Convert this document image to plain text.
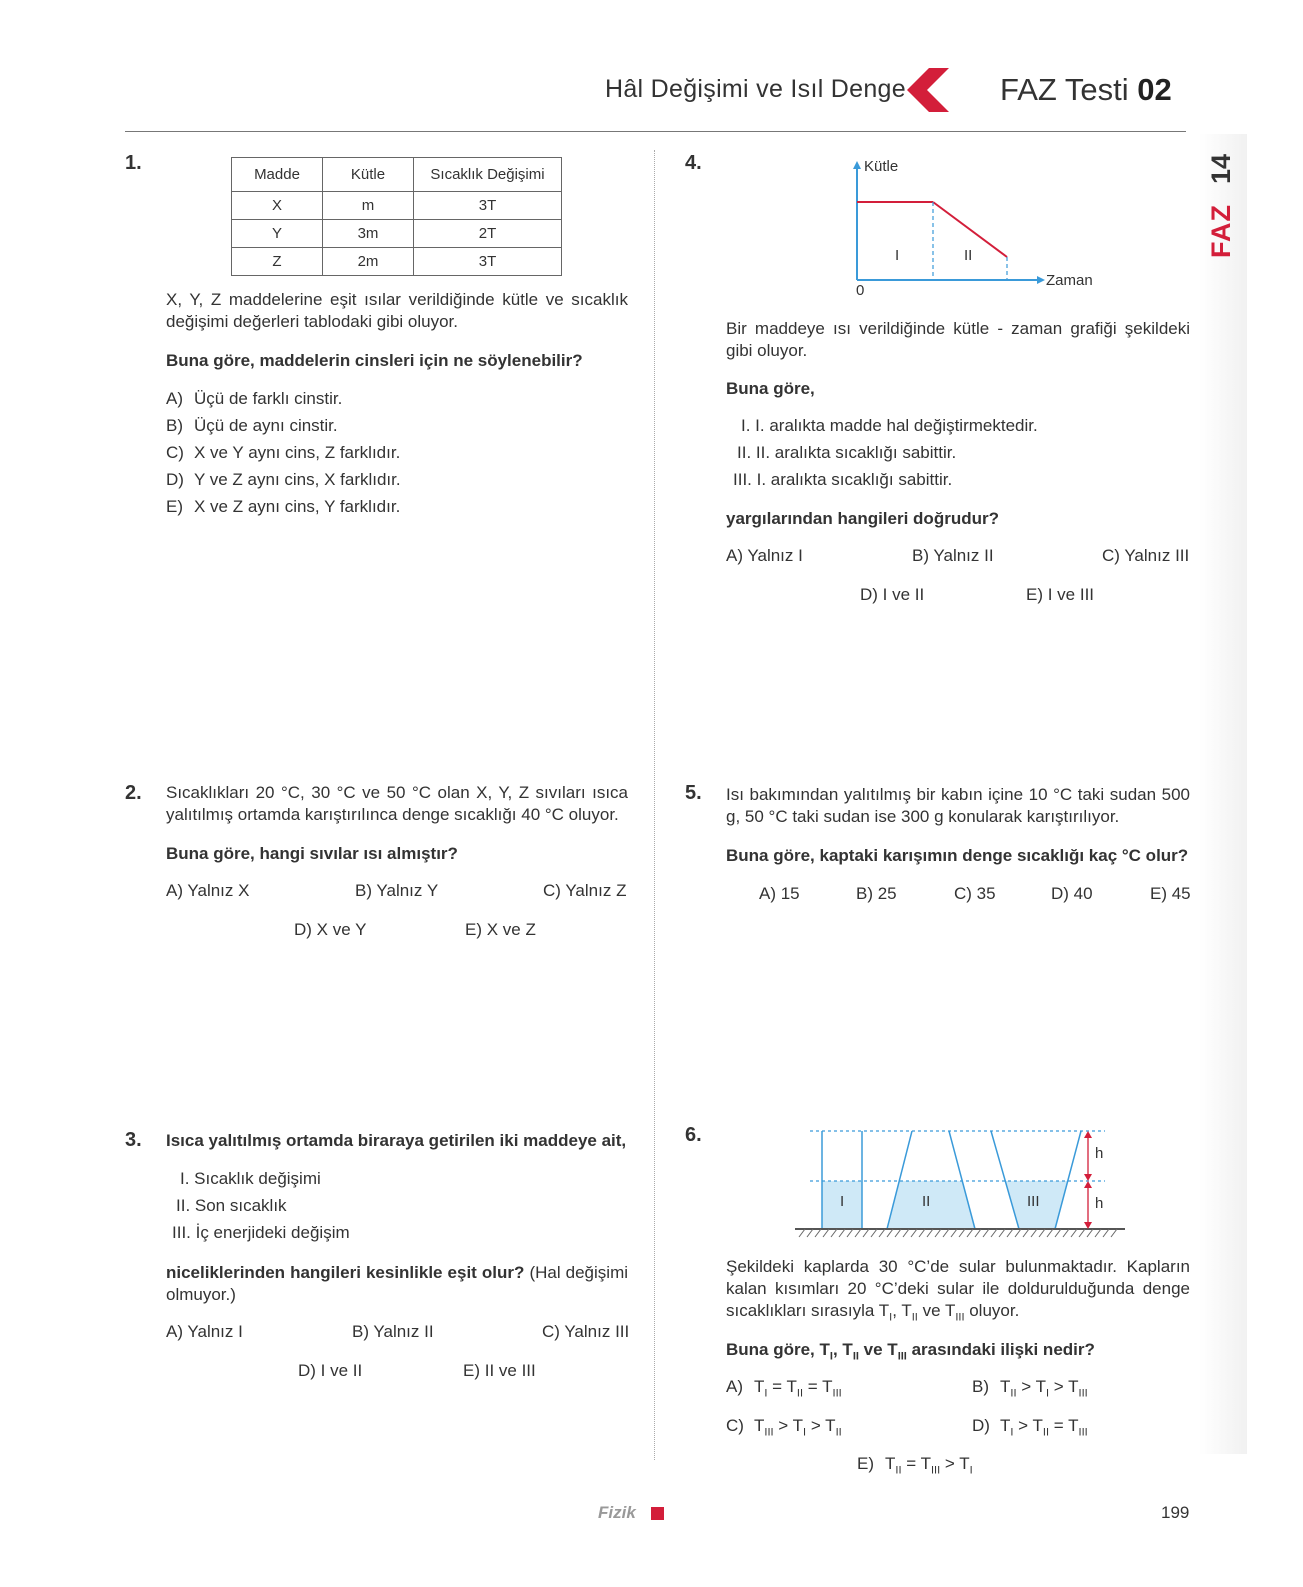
Hâl Değişimi ve Isıl Denge	FAZ Testi 02
14
FAZ
1.
Madde	Kütle	Sıcaklık Değişimi
X	m	3T
Y	3m	2T
Z	2m	3T
X, Y, Z maddelerine eşit ısılar verildiğinde kütle ve sıcaklık değişimi değerleri tablodaki gibi oluyor.
Buna göre, maddelerin cinsleri için ne söylenebilir?
A) Üçü de farklı cinstir.
B) Üçü de aynı cinstir.
C) X ve Y aynı cins, Z farklıdır.
D) Y ve Z aynı cins, X farklıdır.
E) X ve Z aynı cins, Y farklıdır.
2. Sıcaklıkları 20 °C, 30 °C ve 50 °C olan X, Y, Z sıvıları ısıca yalıtılmış ortamda karıştırılınca denge sıcaklığı 40 °C oluyor.
Buna göre, hangi sıvılar ısı almıştır?
A) Yalnız X	B) Yalnız Y	C) Yalnız Z
D) X ve Y	E) X ve Z
3. Isıca yalıtılmış ortamda biraraya getirilen iki maddeye ait,
I. Sıcaklık değişimi
II. Son sıcaklık
III. İç enerjideki değişim
niceliklerinden hangileri kesinlikle eşit olur? (Hal değişimi olmuyor.)
A) Yalnız I	B) Yalnız II	C) Yalnız III
D) I ve II	E) II ve III
4.	Kütle
Zaman
0
I	II
Bir maddeye ısı verildiğinde kütle - zaman grafiği şekildeki gibi oluyor.
Buna göre,
I. I. aralıkta madde hal değiştirmektedir.
II. II. aralıkta sıcaklığı sabittir.
III. I. aralıkta sıcaklığı sabittir.
yargılarından hangileri doğrudur?
A) Yalnız I	B) Yalnız II	C) Yalnız III
D) I ve II	E) I ve III
5. Isı bakımından yalıtılmış bir kabın içine 10 °C taki sudan 500 g, 50 °C taki sudan ise 300 g konularak karıştırılıyor.
Buna göre, kaptaki karışımın denge sıcaklığı kaç °C olur?
A) 15	B) 25	C) 35	D) 40	E) 45
6.
I	II	III
h
h
Şekildeki kaplarda 30 °C’de sular bulunmaktadır. Kapların kalan kısımları 20 °C’deki sular ile doldurulduğunda denge sıcaklıkları sırasıyla $T_I$, $T_{II}$ ve $T_{III}$ oluyor.
Buna göre, $T_I$, $T_{II}$ ve $T_{III}$ arasındaki ilişki nedir?
A) $T_I = T_{II} = T_{III}$	B) $T_{II} > T_I > T_{III}$
C) $T_{III} > T_I > T_{II}$	D) $T_I > T_{II} = T_{III}$
E) $T_{II} = T_{III} > T_I$
Fizik	199
